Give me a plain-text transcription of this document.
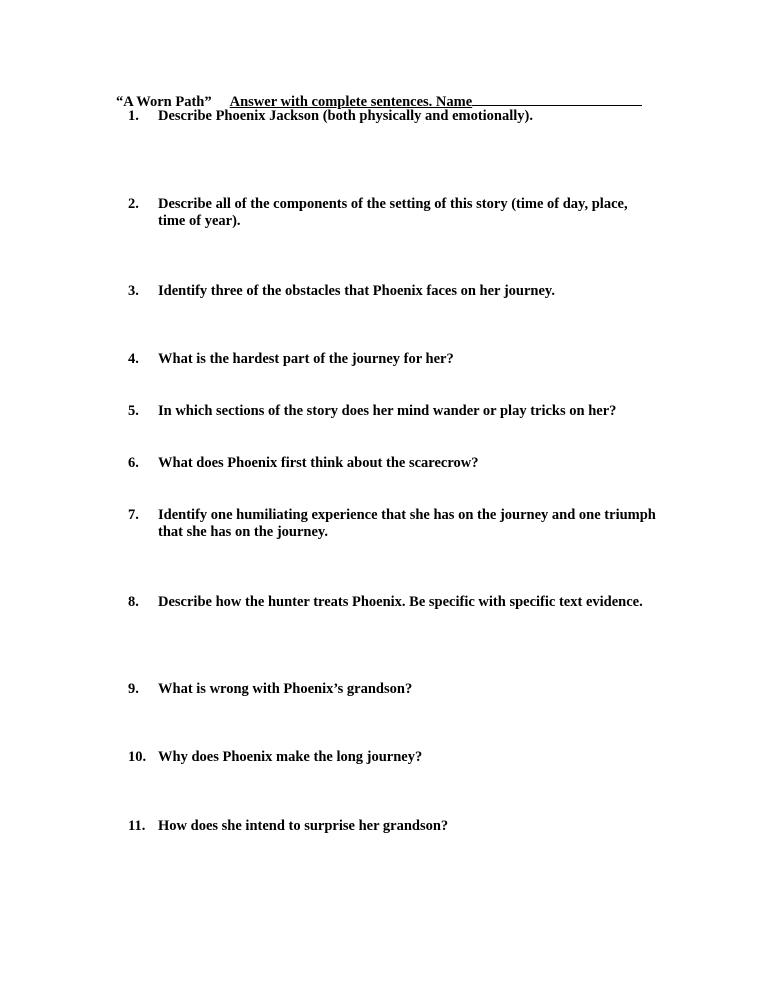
“A Worn Path” Answer with complete sentences. Name
1.	Describe Phoenix Jackson (both physically and emotionally).
2.	Describe all of the components of the setting of this story (time of day, place, time of year).
3.	Identify three of the obstacles that Phoenix faces on her journey.
4.	What is the hardest part of the journey for her?
5.	In which sections of the story does her mind wander or play tricks on her?
6.	What does Phoenix first think about the scarecrow?
7.	Identify one humiliating experience that she has on the journey and one triumph that she has on the journey.
8.	Describe how the hunter treats Phoenix. Be specific with specific text evidence.
9.	What is wrong with Phoenix’s grandson?
10. Why does Phoenix make the long journey?
11. How does she intend to surprise her grandson?
